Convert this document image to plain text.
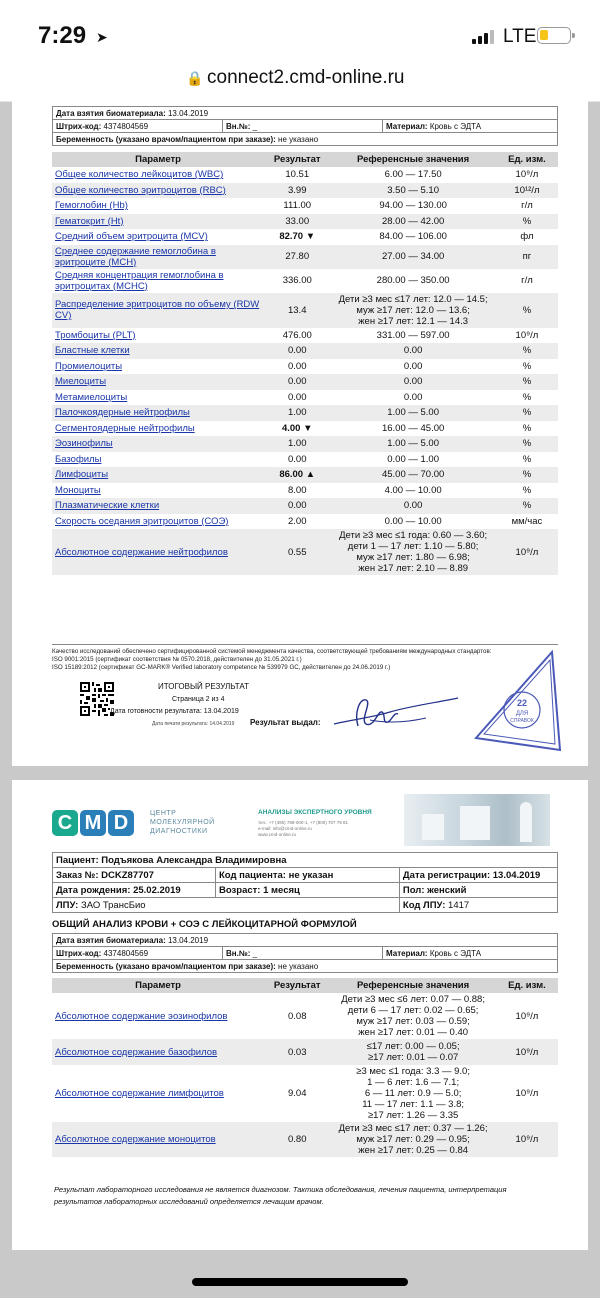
7:29 ➤	LTE
🔒 connect2.cmd-online.ru
Дата взятия биоматериала: 13.04.2019
Штрих-код: 4374804569	Вн.№: _	Материал: Кровь с ЭДТА
Беременность (указано врачом/пациентом при заказе): не указано
Параметр	Результат	Референсные значения	Ед. изм.
Общее количество лейкоцитов (WBC)	10.51	6.00 — 17.50	10⁹/л
Общее количество эритроцитов (RBC)	3.99	3.50 — 5.10	10¹²/л
Гемоглобин (Hb)	111.00	94.00 — 130.00	г/л
Гематокрит (Ht)	33.00	28.00 — 42.00	%
Средний объем эритроцита (MCV)	82.70 ▼	84.00 — 106.00	фл
Среднее содержание гемоглобина в эритроците (MCH)	27.80	27.00 — 34.00	пг
Средняя концентрация гемоглобина в эритроцитах (MCHC)	336.00	280.00 — 350.00	г/л
Распределение эритроцитов по объему (RDW CV)	13.4	Дети ≥3 мес ≤17 лет: 12.0 — 14.5;
муж ≥17 лет: 12.0 — 13.6;
жен ≥17 лет: 12.1 — 14.3	%
Тромбоциты (PLT)	476.00	331.00 — 597.00	10⁹/л
Бластные клетки	0.00	0.00	%
Промиелоциты	0.00	0.00	%
Миелоциты	0.00	0.00	%
Метамиелоциты	0.00	0.00	%
Палочкоядерные нейтрофилы	1.00	1.00 — 5.00	%
Сегментоядерные нейтрофилы	4.00 ▼	16.00 — 45.00	%
Эозинофилы	1.00	1.00 — 5.00	%
Базофилы	0.00	0.00 — 1.00	%
Лимфоциты	86.00 ▲	45.00 — 70.00	%
Моноциты	8.00	4.00 — 10.00	%
Плазматические клетки	0.00	0.00	%
Скорость оседания эритроцитов (СОЭ)	2.00	0.00 — 10.00	мм/час
Абсолютное содержание нейтрофилов	0.55	Дети ≥3 мес ≤1 года: 0.60 — 3.60;
дети 1 — 17 лет: 1.10 — 5.80;
муж ≥17 лет: 1.80 — 6.98;
жен ≥17 лет: 2.10 — 8.89	10⁹/л
Качество исследований обеспечено сертифицированной системой менеджмента качества, соответствующей требованиям международных стандартов:
ISO 9001:2015 (сертификат соответствия № 0570.2018, действителен до 31.05.2021 г.)
ISO 15189:2012 (сертификат GC-MARK® Verified laboratory competence № 539979 GC, действителен до 24.06.2019 г.)
ИТОГОВЫЙ РЕЗУЛЬТАТ
Страница 2 из 4
Дата готовности результата: 13.04.2019
Дата печати результата: 14.04.2019 Результат выдал:
22
ДЛЯ
СПРАВОК
C M D	ЦЕНТР
МОЛЕКУЛЯРНОЙ
ДИАГНОСТИКИ
АНАЛИЗЫ ЭКСПЕРТНОГО УРОВНЯ
тел.: +7 (495) 788-000-1, +7 (800) 707 79 81
e-mail: info@cmd-online.ru
www.cmd-online.ru
Пациент: Подъякова Александра Владимировна		
Заказ №: DCKZ87707	Код пациента: не указан	Дата регистрации: 13.04.2019
Дата рождения: 25.02.2019	Возраст: 1 месяц	Пол: женский
ЛПУ: ЗАО ТрансБио		Код ЛПУ: 1417
ОБЩИЙ АНАЛИЗ КРОВИ + СОЭ С ЛЕЙКОЦИТАРНОЙ ФОРМУЛОЙ
Дата взятия биоматериала: 13.04.2019
Штрих-код: 4374804569	Вн.№: _	Материал: Кровь с ЭДТА
Беременность (указано врачом/пациентом при заказе): не указано
Параметр	Результат	Референсные значения	Ед. изм.
Абсолютное содержание эозинофилов	0.08	Дети ≥3 мес ≤6 лет: 0.07 — 0.88;
дети 6 — 17 лет: 0.02 — 0.65;
муж ≥17 лет: 0.03 — 0.59;
жен ≥17 лет: 0.01 — 0.40	10⁹/л
Абсолютное содержание базофилов	0.03	≤17 лет: 0.00 — 0.05;
≥17 лет: 0.01 — 0.07	10⁹/л
Абсолютное содержание лимфоцитов	9.04	≥3 мес ≤1 года: 3.3 — 9.0;
1 — 6 лет: 1.6 — 7.1;
6 — 11 лет: 0.9 — 5.0;
11 — 17 лет: 1.1 — 3.8;
≥17 лет: 1.26 — 3.35	10⁹/л
Абсолютное содержание моноцитов	0.80	Дети ≥3 мес ≤17 лет: 0.37 — 1.26;
муж ≥17 лет: 0.29 — 0.95;
жен ≥17 лет: 0.25 — 0.84	10⁹/л
Результат лабораторного исследования не является диагнозом. Тактика обследования, лечения пациента, интерпретация результатов лабораторных исследований определяется лечащим врачом.
